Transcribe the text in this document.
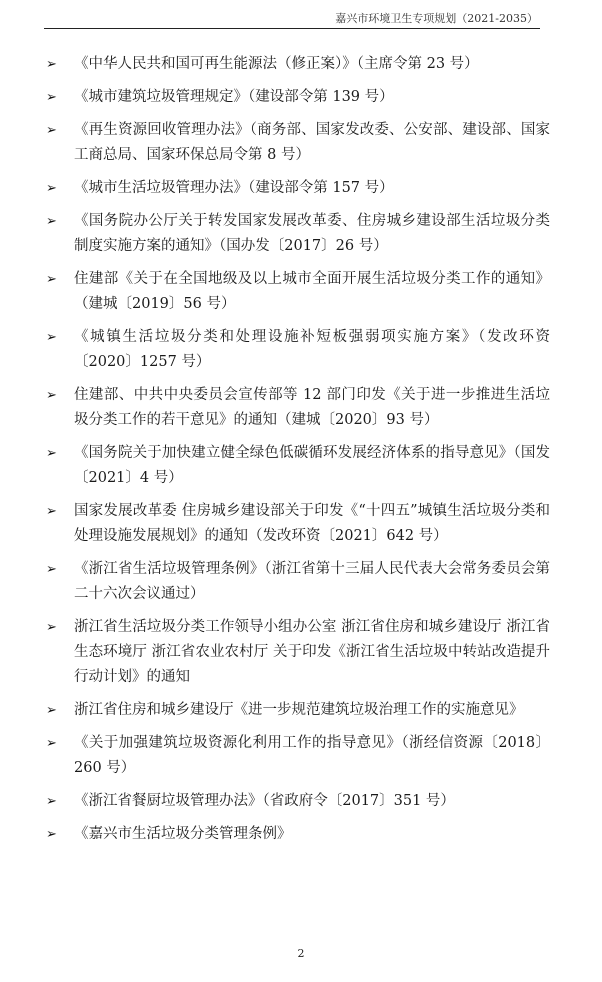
嘉兴市环境卫生专项规划（2021-2035）
➢ 《中华人民共和国可再生能源法（修正案）》（主席令第 23 号）
➢ 《城市建筑垃圾管理规定》（建设部令第 139 号）
➢ 《再生资源回收管理办法》（商务部、国家发改委、公安部、建设部、国家工商总局、国家环保总局令第 8 号）
➢ 《城市生活垃圾管理办法》（建设部令第 157 号）
➢ 《国务院办公厅关于转发国家发展改革委、住房城乡建设部生活垃圾分类制度实施方案的通知》（国办发〔2017〕26 号）
➢ 住建部《关于在全国地级及以上城市全面开展生活垃圾分类工作的通知》（建城〔2019〕56 号）
➢ 《城镇生活垃圾分类和处理设施补短板强弱项实施方案》（发改环资〔2020〕1257 号）
➢ 住建部、中共中央委员会宣传部等 12 部门印发《关于进一步推进生活垃圾分类工作的若干意见》的通知（建城〔2020〕93 号）
➢ 《国务院关于加快建立健全绿色低碳循环发展经济体系的指导意见》（国发〔2021〕4 号）
➢ 国家发展改革委 住房城乡建设部关于印发《“十四五”城镇生活垃圾分类和处理设施发展规划》的通知（发改环资〔2021〕642 号）
➢ 《浙江省生活垃圾管理条例》（浙江省第十三届人民代表大会常务委员会第二十六次会议通过）
➢ 浙江省生活垃圾分类工作领导小组办公室 浙江省住房和城乡建设厅 浙江省生态环境厅 浙江省农业农村厅 关于印发《浙江省生活垃圾中转站改造提升行动计划》的通知
➢ 浙江省住房和城乡建设厅《进一步规范建筑垃圾治理工作的实施意见》
➢ 《关于加强建筑垃圾资源化利用工作的指导意见》（浙经信资源〔2018〕260 号）
➢ 《浙江省餐厨垃圾管理办法》（省政府令〔2017〕351 号）
➢ 《嘉兴市生活垃圾分类管理条例》
2
